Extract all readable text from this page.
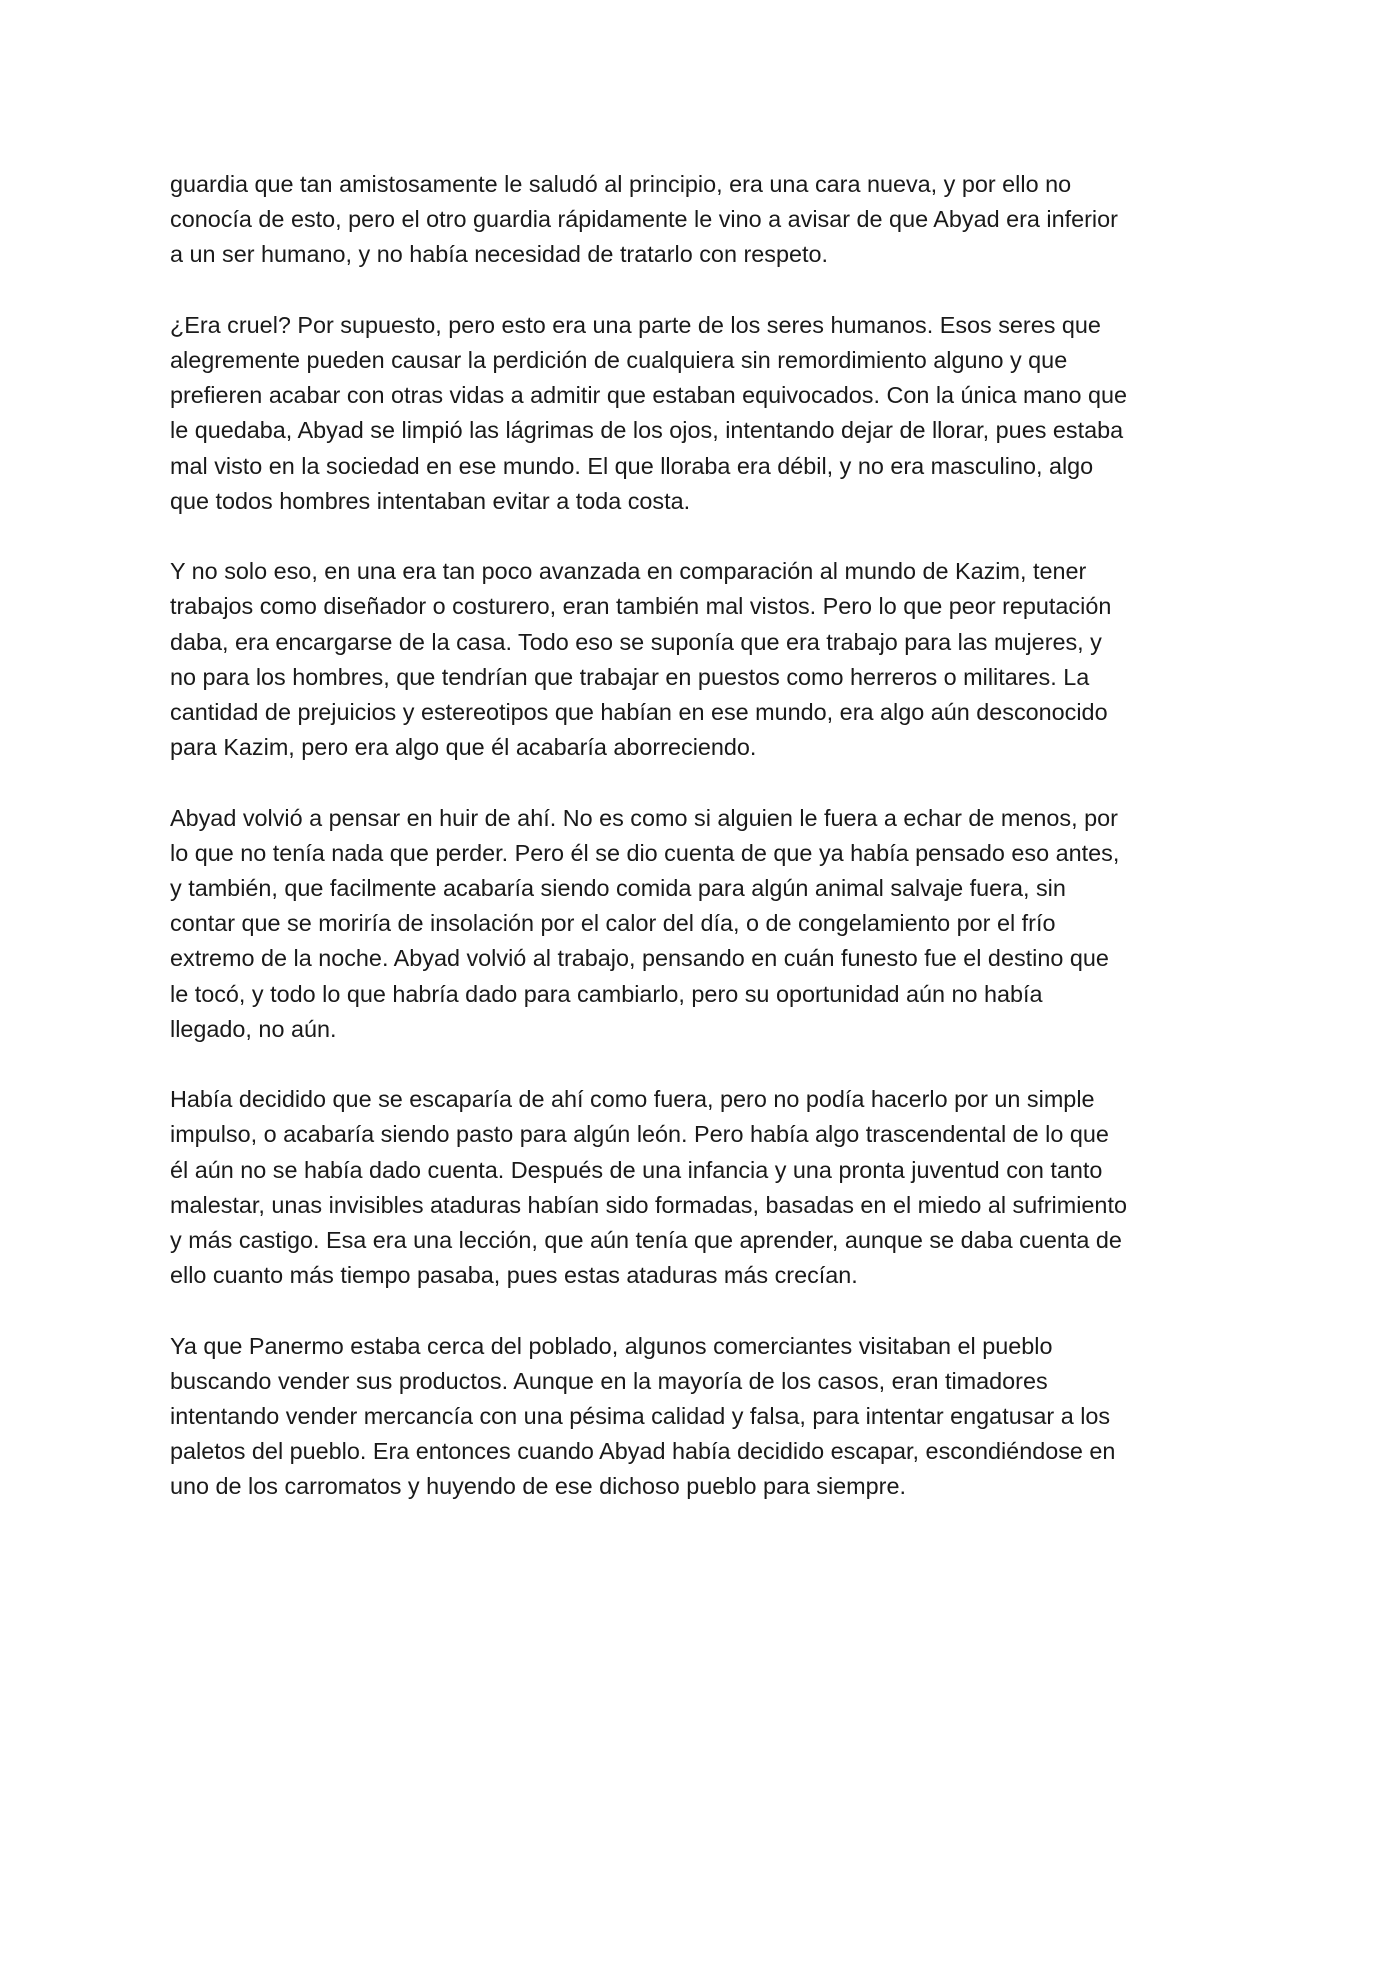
guardia que tan amistosamente le saludó al principio, era una cara nueva, y por ello no
conocía de esto, pero el otro guardia rápidamente le vino a avisar de que Abyad era inferior
a un ser humano, y no había necesidad de tratarlo con respeto.

¿Era cruel? Por supuesto, pero esto era una parte de los seres humanos. Esos seres que
alegremente pueden causar la perdición de cualquiera sin remordimiento alguno y que
prefieren acabar con otras vidas a admitir que estaban equivocados. Con la única mano que
le quedaba, Abyad se limpió las lágrimas de los ojos, intentando dejar de llorar, pues estaba
mal visto en la sociedad en ese mundo. El que lloraba era débil, y no era masculino, algo
que todos hombres intentaban evitar a toda costa.

Y no solo eso, en una era tan poco avanzada en comparación al mundo de Kazim, tener
trabajos como diseñador o costurero, eran también mal vistos. Pero lo que peor reputación
daba, era encargarse de la casa. Todo eso se suponía que era trabajo para las mujeres, y
no para los hombres, que tendrían que trabajar en puestos como herreros o militares. La
cantidad de prejuicios y estereotipos que habían en ese mundo, era algo aún desconocido
para Kazim, pero era algo que él acabaría aborreciendo.

Abyad volvió a pensar en huir de ahí. No es como si alguien le fuera a echar de menos, por
lo que no tenía nada que perder. Pero él se dio cuenta de que ya había pensado eso antes,
y también, que facilmente acabaría siendo comida para algún animal salvaje fuera, sin
contar que se moriría de insolación por el calor del día, o de congelamiento por el frío
extremo de la noche. Abyad volvió al trabajo, pensando en cuán funesto fue el destino que
le tocó, y todo lo que habría dado para cambiarlo, pero su oportunidad aún no había
llegado, no aún.

Había decidido que se escaparía de ahí como fuera, pero no podía hacerlo por un simple
impulso, o acabaría siendo pasto para algún león. Pero había algo trascendental de lo que
él aún no se había dado cuenta. Después de una infancia y una pronta juventud con tanto
malestar, unas invisibles ataduras habían sido formadas, basadas en el miedo al sufrimiento
y más castigo. Esa era una lección, que aún tenía que aprender, aunque se daba cuenta de
ello cuanto más tiempo pasaba, pues estas ataduras más crecían.

Ya que Panermo estaba cerca del poblado, algunos comerciantes visitaban el pueblo
buscando vender sus productos. Aunque en la mayoría de los casos, eran timadores
intentando vender mercancía con una pésima calidad y falsa, para intentar engatusar a los
paletos del pueblo. Era entonces cuando Abyad había decidido escapar, escondiéndose en
uno de los carromatos y huyendo de ese dichoso pueblo para siempre.
